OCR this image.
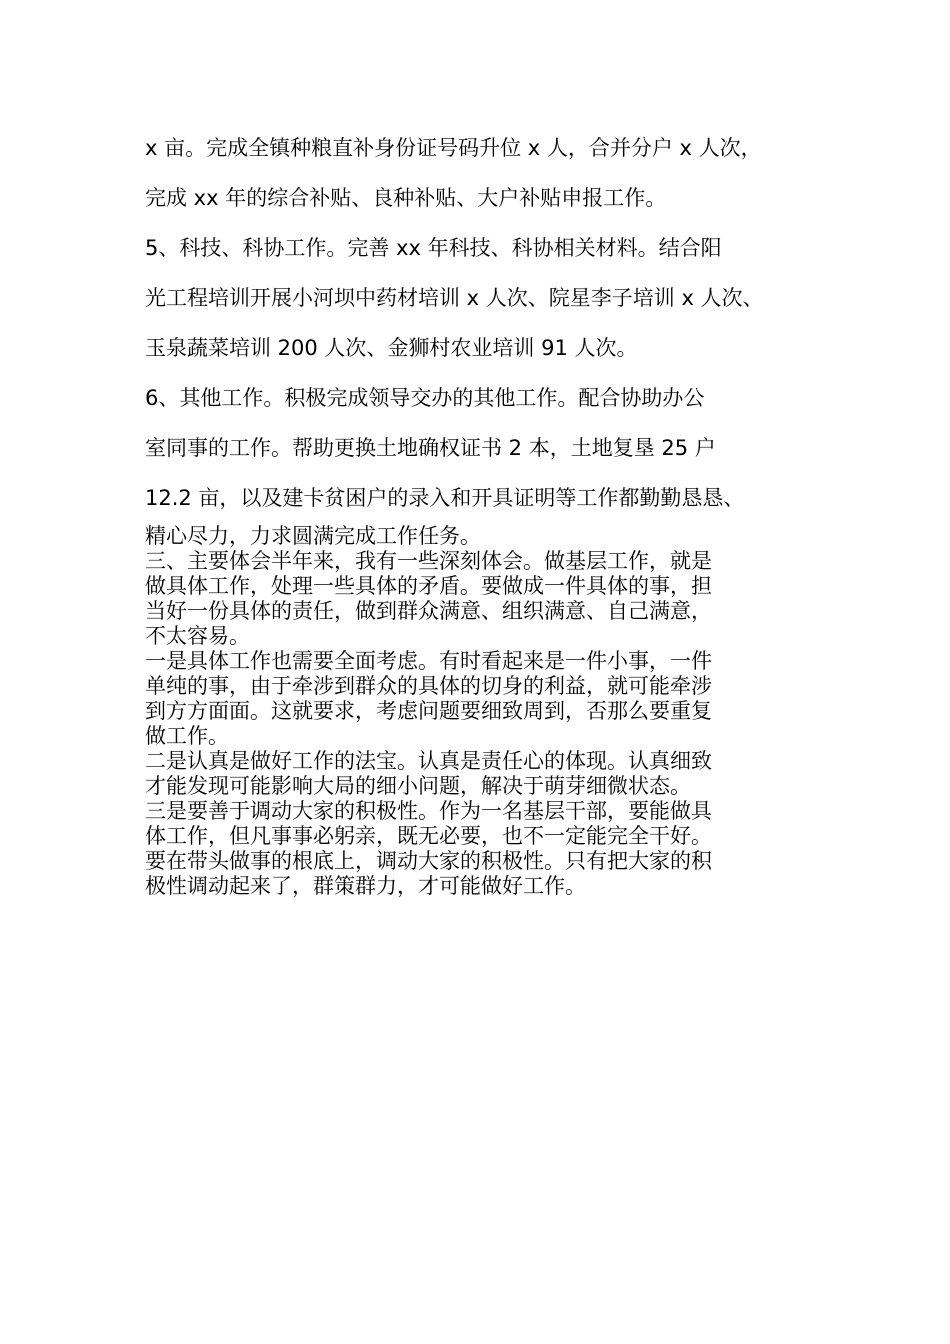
x 亩。完成全镇种粮直补身份证号码升位 x 人，合并分户 x 人次，

完成 xx 年的综合补贴、良种补贴、大户补贴申报工作。

5、科技、科协工作。完善 xx 年科技、科协相关材料。结合阳

光工程培训开展小河坝中药材培训 x 人次、院星李子培训 x 人次、

玉泉蔬菜培训 200 人次、金狮村农业培训 91 人次。

6、其他工作。积极完成领导交办的其他工作。配合协助办公

室同事的工作。帮助更换土地确权证书 2 本，土地复垦 25 户

12.2 亩，以及建卡贫困户的录入和开具证明等工作都勤勤恳恳、

精心尽力，力求圆满完成工作任务。

三、主要体会半年来，我有一些深刻体会。做基层工作，就是

做具体工作，处理一些具体的矛盾。要做成一件具体的事，担

当好一份具体的责任，做到群众满意、组织满意、自己满意，

不太容易。

一是具体工作也需要全面考虑。有时看起来是一件小事，一件

单纯的事，由于牵涉到群众的具体的切身的利益，就可能牵涉

到方方面面。这就要求，考虑问题要细致周到，否那么要重复

做工作。

二是认真是做好工作的法宝。认真是责任心的体现。认真细致

才能发现可能影响大局的细小问题，解决于萌芽细微状态。

三是要善于调动大家的积极性。作为一名基层干部，要能做具

体工作，但凡事事必躬亲，既无必要，也不一定能完全干好。

要在带头做事的根底上，调动大家的积极性。只有把大家的积

极性调动起来了，群策群力，才可能做好工作。
